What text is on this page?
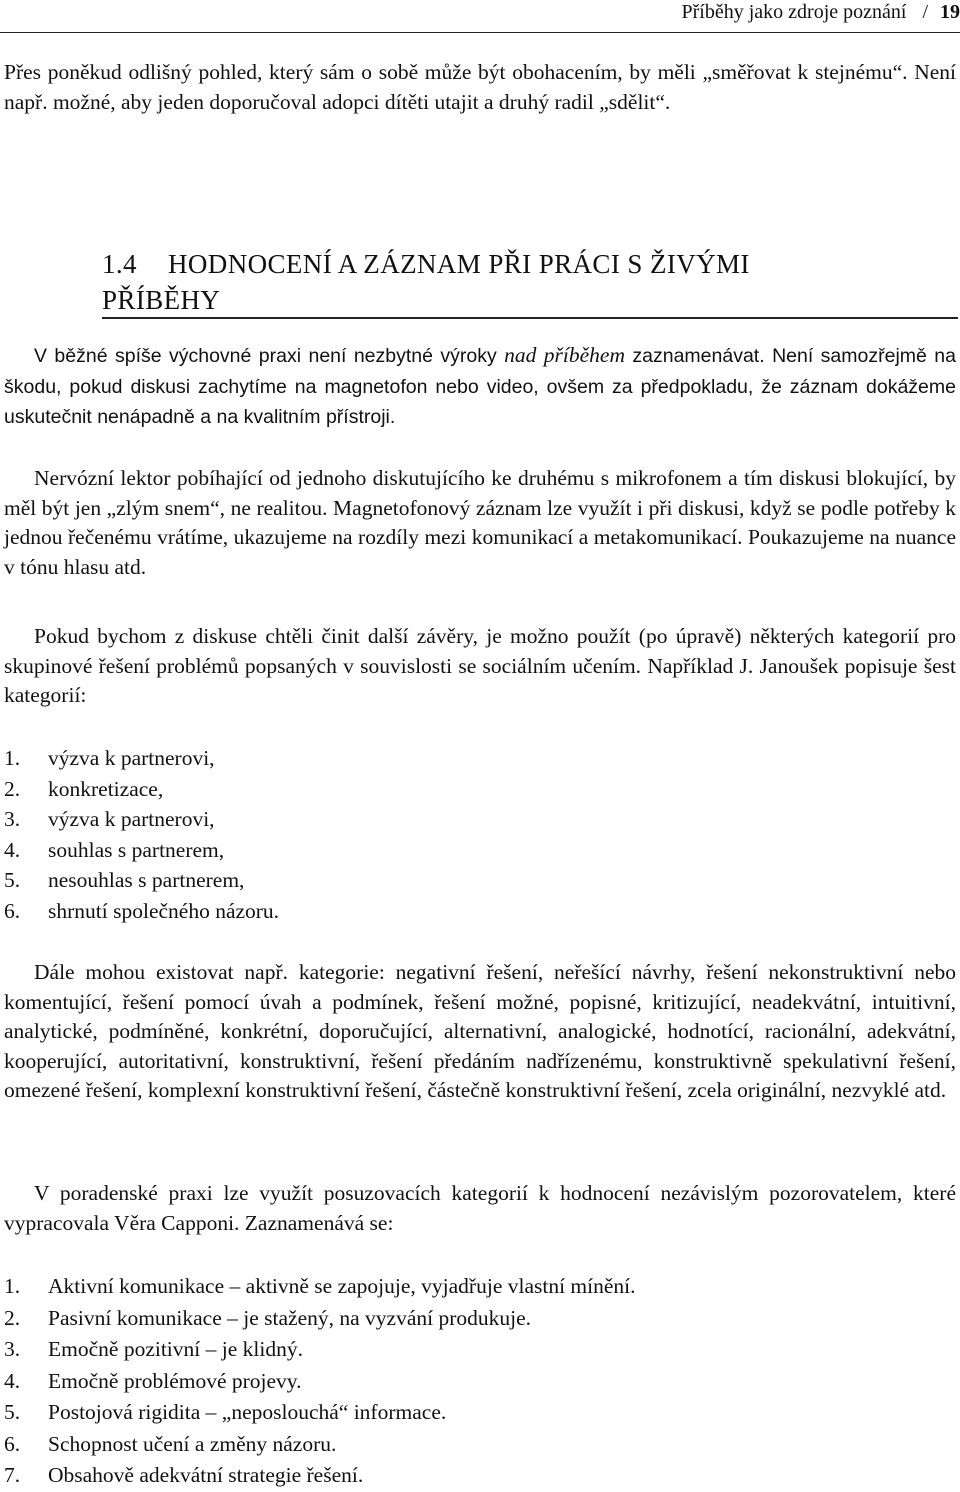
Příběhy jako zdroje poznání / 19

Přes poněkud odlišný pohled, který sám o sobě může být obohacením, by měli „směřovat k stejnému“. Není např. možné, aby jeden doporučoval adopci dítěti utajit a druhý radil „sdělit“.

1.4 HODNOCENÍ A ZÁZNAM PŘI PRÁCI S ŽIVÝMI
PŘÍBĚHY

V běžné spíše výchovné praxi není nezbytné výroky nad příběhem zaznamenávat. Není samozřejmě na škodu, pokud diskusi zachytíme na magnetofon nebo video, ovšem za předpokladu, že záznam dokážeme uskutečnit nenápadně a na kvalitním přístroji.

Nervózní lektor pobíhající od jednoho diskutujícího ke druhému s mikrofonem a tím diskusi blokující, by měl být jen „zlým snem“, ne realitou. Magnetofonový záznam lze využít i při diskusi, když se podle potřeby k jednou řečenému vrátíme, ukazujeme na rozdíly mezi komunikací a metakomunikací. Poukazujeme na nuance v tónu hlasu atd.

Pokud bychom z diskuse chtěli činit další závěry, je možno použít (po úpravě) některých kategorií pro skupinové řešení problémů popsaných v souvislosti se sociálním učením. Například J. Janoušek popisuje šest kategorií:

1. výzva k partnerovi,
2. konkretizace,
3. výzva k partnerovi,
4. souhlas s partnerem,
5. nesouhlas s partnerem,
6. shrnutí společného názoru.

Dále mohou existovat např. kategorie: negativní řešení, neřešící návrhy, řešení nekonstruktivní nebo komentující, řešení pomocí úvah a podmínek, řešení možné, popisné, kritizující, neadekvátní, intuitivní, analytické, podmíněné, konkrétní, doporučující, alternativní, analogické, hodnotící, racionální, adekvátní, kooperující, autoritativní, konstruktivní, řešení předáním nadřízenému, konstruktivně spekulativní řešení, omezené řešení, komplexní konstruktivní řešení, částečně konstruktivní řešení, zcela originální, nezvyklé atd.

V poradenské praxi lze využít posuzovacích kategorií k hodnocení nezávislým pozorovatelem, které vypracovala Věra Capponi. Zaznamenává se:

1. Aktivní komunikace – aktivně se zapojuje, vyjadřuje vlastní mínění.
2. Pasivní komunikace – je stažený, na vyzvání produkuje.
3. Emočně pozitivní – je klidný.
4. Emočně problémové projevy.
5. Postojová rigidita – „neposlouchá“ informace.
6. Schopnost učení a změny názoru.
7. Obsahově adekvátní strategie řešení.
